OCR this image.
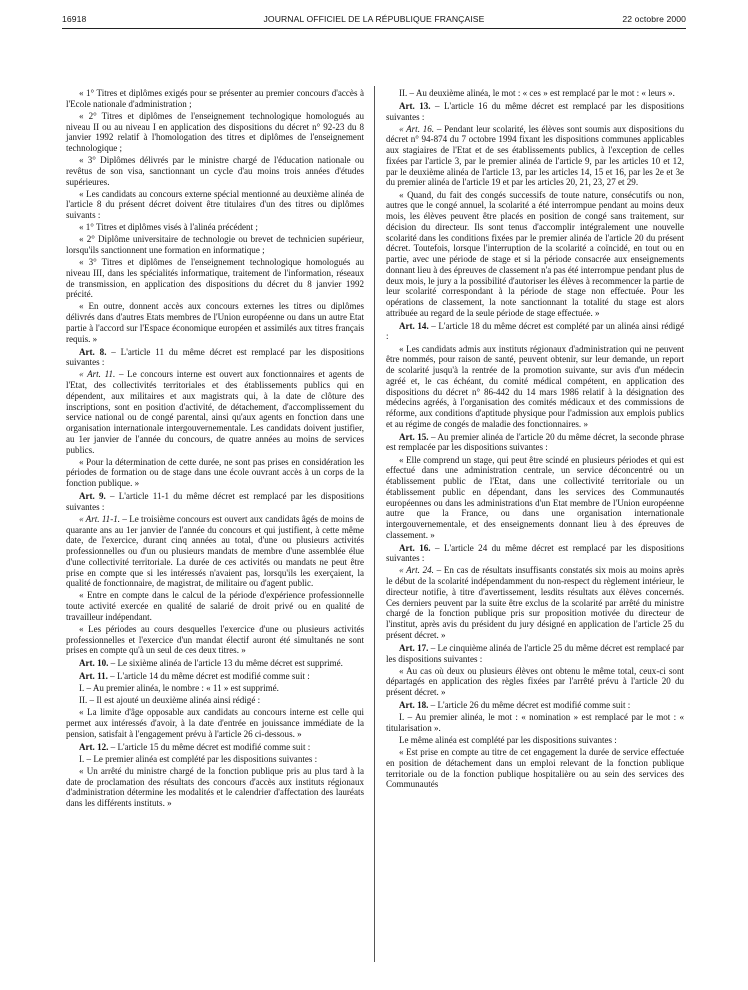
16918	JOURNAL OFFICIEL DE LA RÉPUBLIQUE FRANÇAISE	22 octobre 2000

« 1° Titres et diplômes exigés pour se présenter au premier concours d'accès à l'Ecole nationale d'administration ;

« 2° Titres et diplômes de l'enseignement technologique homologués au niveau II ou au niveau I en application des dispositions du décret n° 92-23 du 8 janvier 1992 relatif à l'homologation des titres et diplômes de l'enseignement technologique ;

« 3° Diplômes délivrés par le ministre chargé de l'éducation nationale ou revêtus de son visa, sanctionnant un cycle d'au moins trois années d'études supérieures.

« Les candidats au concours externe spécial mentionné au deuxième alinéa de l'article 8 du présent décret doivent être titulaires d'un des titres ou diplômes suivants :

« 1° Titres et diplômes visés à l'alinéa précédent ;

« 2° Diplôme universitaire de technologie ou brevet de technicien supérieur, lorsqu'ils sanctionnent une formation en informatique ;

« 3° Titres et diplômes de l'enseignement technologique homologués au niveau III, dans les spécialités informatique, traitement de l'information, réseaux de transmission, en application des dispositions du décret du 8 janvier 1992 précité.

« En outre, donnent accès aux concours externes les titres ou diplômes délivrés dans d'autres Etats membres de l'Union européenne ou dans un autre Etat partie à l'accord sur l'Espace économique européen et assimilés aux titres français requis. »

Art. 8. – L'article 11 du même décret est remplacé par les dispositions suivantes :

« Art. 11. – Le concours interne est ouvert aux fonctionnaires et agents de l'Etat, des collectivités territoriales et des établissements publics qui en dépendent, aux militaires et aux magistrats qui, à la date de clôture des inscriptions, sont en position d'activité, de détachement, d'accomplissement du service national ou de congé parental, ainsi qu'aux agents en fonction dans une organisation internationale intergouvernementale. Les candidats doivent justifier, au 1er janvier de l'année du concours, de quatre années au moins de services publics.

« Pour la détermination de cette durée, ne sont pas prises en considération les périodes de formation ou de stage dans une école ouvrant accès à un corps de la fonction publique. »

Art. 9. – L'article 11-1 du même décret est remplacé par les dispositions suivantes :

« Art. 11-1. – Le troisième concours est ouvert aux candidats âgés de moins de quarante ans au 1er janvier de l'année du concours et qui justifient, à cette même date, de l'exercice, durant cinq années au total, d'une ou plusieurs activités professionnelles ou d'un ou plusieurs mandats de membre d'une assemblée élue d'une collectivité territoriale. La durée de ces activités ou mandats ne peut être prise en compte que si les intéressés n'avaient pas, lorsqu'ils les exerçaient, la qualité de fonctionnaire, de magistrat, de militaire ou d'agent public.

« Entre en compte dans le calcul de la période d'expérience professionnelle toute activité exercée en qualité de salarié de droit privé ou en qualité de travailleur indépendant.

« Les périodes au cours desquelles l'exercice d'une ou plusieurs activités professionnelles et l'exercice d'un mandat électif auront été simultanés ne sont prises en compte qu'à un seul de ces deux titres. »

Art. 10. – Le sixième alinéa de l'article 13 du même décret est supprimé.

Art. 11. – L'article 14 du même décret est modifié comme suit :

I. – Au premier alinéa, le nombre : « 11 » est supprimé.

II. – Il est ajouté un deuxième alinéa ainsi rédigé :

« La limite d'âge opposable aux candidats au concours interne est celle qui permet aux intéressés d'avoir, à la date d'entrée en jouissance immédiate de la pension, satisfait à l'engagement prévu à l'article 26 ci-dessous. »

Art. 12. – L'article 15 du même décret est modifié comme suit :

I. – Le premier alinéa est complété par les dispositions suivantes :

« Un arrêté du ministre chargé de la fonction publique pris au plus tard à la date de proclamation des résultats des concours d'accès aux instituts régionaux d'administration détermine les modalités et le calendrier d'affectation des lauréats dans les différents instituts. »

II. – Au deuxième alinéa, le mot : « ces » est remplacé par le mot : « leurs ».

Art. 13. – L'article 16 du même décret est remplacé par les dispositions suivantes :

« Art. 16. – Pendant leur scolarité, les élèves sont soumis aux dispositions du décret n° 94-874 du 7 octobre 1994 fixant les dispositions communes applicables aux stagiaires de l'Etat et de ses établissements publics, à l'exception de celles fixées par l'article 3, par le premier alinéa de l'article 9, par les articles 10 et 12, par le deuxième alinéa de l'article 13, par les articles 14, 15 et 16, par les 2e et 3e du premier alinéa de l'article 19 et par les articles 20, 21, 23, 27 et 29.

« Quand, du fait des congés successifs de toute nature, consécutifs ou non, autres que le congé annuel, la scolarité a été interrompue pendant au moins deux mois, les élèves peuvent être placés en position de congé sans traitement, sur décision du directeur. Ils sont tenus d'accomplir intégralement une nouvelle scolarité dans les conditions fixées par le premier alinéa de l'article 20 du présent décret. Toutefois, lorsque l'interruption de la scolarité a coïncidé, en tout ou en partie, avec une période de stage et si la période consacrée aux enseignements donnant lieu à des épreuves de classement n'a pas été interrompue pendant plus de deux mois, le jury a la possibilité d'autoriser les élèves à recommencer la partie de leur scolarité correspondant à la période de stage non effectuée. Pour les opérations de classement, la note sanctionnant la totalité du stage est alors attribuée au regard de la seule période de stage effectuée. »

Art. 14. – L'article 18 du même décret est complété par un alinéa ainsi rédigé :

« Les candidats admis aux instituts régionaux d'administration qui ne peuvent être nommés, pour raison de santé, peuvent obtenir, sur leur demande, un report de scolarité jusqu'à la rentrée de la promotion suivante, sur avis d'un médecin agréé et, le cas échéant, du comité médical compétent, en application des dispositions du décret n° 86-442 du 14 mars 1986 relatif à la désignation des médecins agréés, à l'organisation des comités médicaux et des commissions de réforme, aux conditions d'aptitude physique pour l'admission aux emplois publics et au régime de congés de maladie des fonctionnaires. »

Art. 15. – Au premier alinéa de l'article 20 du même décret, la seconde phrase est remplacée par les dispositions suivantes :

« Elle comprend un stage, qui peut être scindé en plusieurs périodes et qui est effectué dans une administration centrale, un service déconcentré ou un établissement public de l'Etat, dans une collectivité territoriale ou un établissement public en dépendant, dans les services des Communautés européennes ou dans les administrations d'un Etat membre de l'Union européenne autre que la France, ou dans une organisation internationale intergouvernementale, et des enseignements donnant lieu à des épreuves de classement. »

Art. 16. – L'article 24 du même décret est remplacé par les dispositions suivantes :

« Art. 24. – En cas de résultats insuffisants constatés six mois au moins après le début de la scolarité indépendamment du non-respect du règlement intérieur, le directeur notifie, à titre d'avertissement, lesdits résultats aux élèves concernés. Ces derniers peuvent par la suite être exclus de la scolarité par arrêté du ministre chargé de la fonction publique pris sur proposition motivée du directeur de l'institut, après avis du président du jury désigné en application de l'article 25 du présent décret. »

Art. 17. – Le cinquième alinéa de l'article 25 du même décret est remplacé par les dispositions suivantes :

« Au cas où deux ou plusieurs élèves ont obtenu le même total, ceux-ci sont départagés en application des règles fixées par l'arrêté prévu à l'article 20 du présent décret. »

Art. 18. – L'article 26 du même décret est modifié comme suit :

I. – Au premier alinéa, le mot : « nomination » est remplacé par le mot : « titularisation ».

Le même alinéa est complété par les dispositions suivantes :

« Est prise en compte au titre de cet engagement la durée de service effectuée en position de détachement dans un emploi relevant de la fonction publique territoriale ou de la fonction publique hospitalière ou au sein des services des Communautés
